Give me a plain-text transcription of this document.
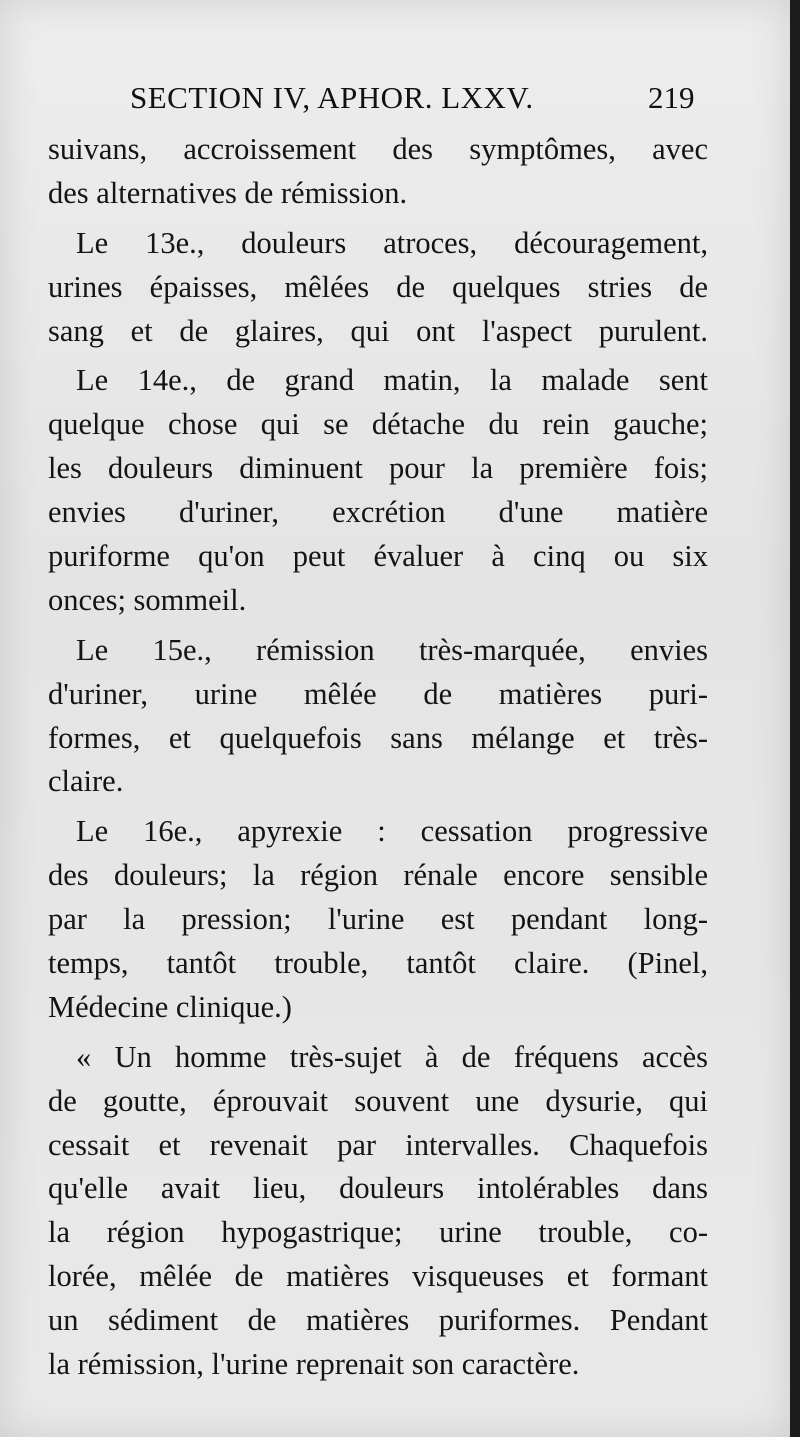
SECTION IV, APHOR. LXXV.	219
suivans, accroissement des symptômes, avec
des alternatives de rémission.
Le 13e., douleurs atroces, découragement,
urines épaisses, mêlées de quelques stries de
sang et de glaires, qui ont l'aspect purulent.
Le 14e., de grand matin, la malade sent
quelque chose qui se détache du rein gauche;
les douleurs diminuent pour la première fois;
envies d'uriner, excrétion d'une matière
puriforme qu'on peut évaluer à cinq ou six
onces; sommeil.
Le 15e., rémission très-marquée, envies
d'uriner, urine mêlée de matières puri-
formes, et quelquefois sans mélange et très-
claire.
Le 16e., apyrexie : cessation progressive
des douleurs; la région rénale encore sensible
par la pression; l'urine est pendant long-
temps, tantôt trouble, tantôt claire. (Pinel,
Médecine clinique.)
« Un homme très-sujet à de fréquens accès
de goutte, éprouvait souvent une dysurie, qui
cessait et revenait par intervalles. Chaquefois
qu'elle avait lieu, douleurs intolérables dans
la région hypogastrique; urine trouble, co-
lorée, mêlée de matières visqueuses et formant
un sédiment de matières puriformes. Pendant
la rémission, l'urine reprenait son caractère.
